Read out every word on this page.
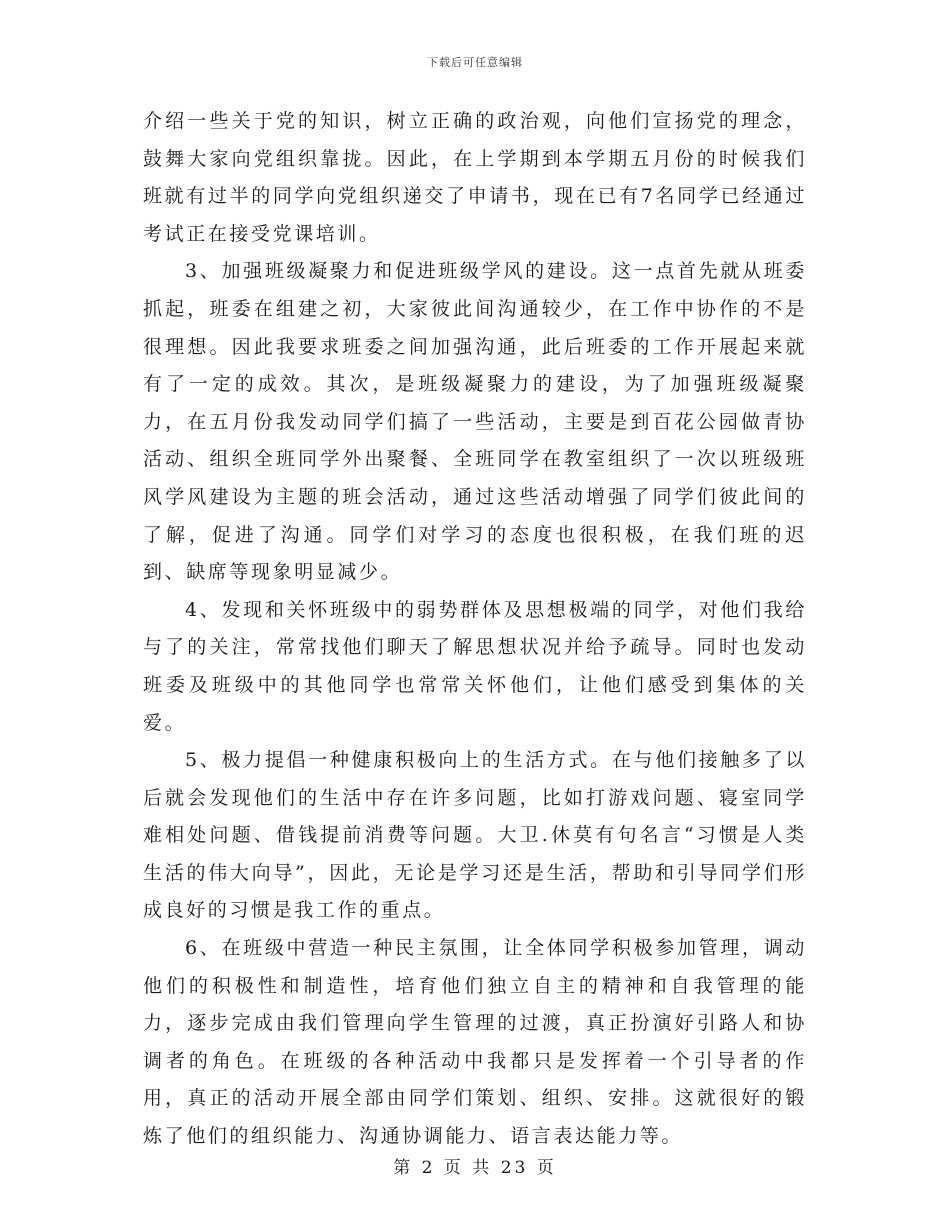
下载后可任意编辑

介绍一些关于党的知识，树立正确的政治观，向他们宣扬党的理念，鼓舞大家向党组织靠拢。因此，在上学期到本学期五月份的时候我们班就有过半的同学向党组织递交了申请书，现在已有7名同学已经通过考试正在接受党课培训。

3、加强班级凝聚力和促进班级学风的建设。这一点首先就从班委抓起，班委在组建之初，大家彼此间沟通较少，在工作中协作的不是很理想。因此我要求班委之间加强沟通，此后班委的工作开展起来就有了一定的成效。其次，是班级凝聚力的建设，为了加强班级凝聚力，在五月份我发动同学们搞了一些活动，主要是到百花公园做青协活动、组织全班同学外出聚餐、全班同学在教室组织了一次以班级班风学风建设为主题的班会活动，通过这些活动增强了同学们彼此间的了解，促进了沟通。同学们对学习的态度也很积极，在我们班的迟到、缺席等现象明显减少。

4、发现和关怀班级中的弱势群体及思想极端的同学，对他们我给与了的关注，常常找他们聊天了解思想状况并给予疏导。同时也发动班委及班级中的其他同学也常常关怀他们，让他们感受到集体的关爱。

5、极力提倡一种健康积极向上的生活方式。在与他们接触多了以后就会发现他们的生活中存在许多问题，比如打游戏问题、寝室同学难相处问题、借钱提前消费等问题。大卫.休莫有句名言“习惯是人类生活的伟大向导”，因此，无论是学习还是生活，帮助和引导同学们形成良好的习惯是我工作的重点。

6、在班级中营造一种民主氛围，让全体同学积极参加管理，调动他们的积极性和制造性，培育他们独立自主的精神和自我管理的能力，逐步完成由我们管理向学生管理的过渡，真正扮演好引路人和协调者的角色。在班级的各种活动中我都只是发挥着一个引导者的作用，真正的活动开展全部由同学们策划、组织、安排。这就很好的锻炼了他们的组织能力、沟通协调能力、语言表达能力等。

第 2 页 共 23 页
